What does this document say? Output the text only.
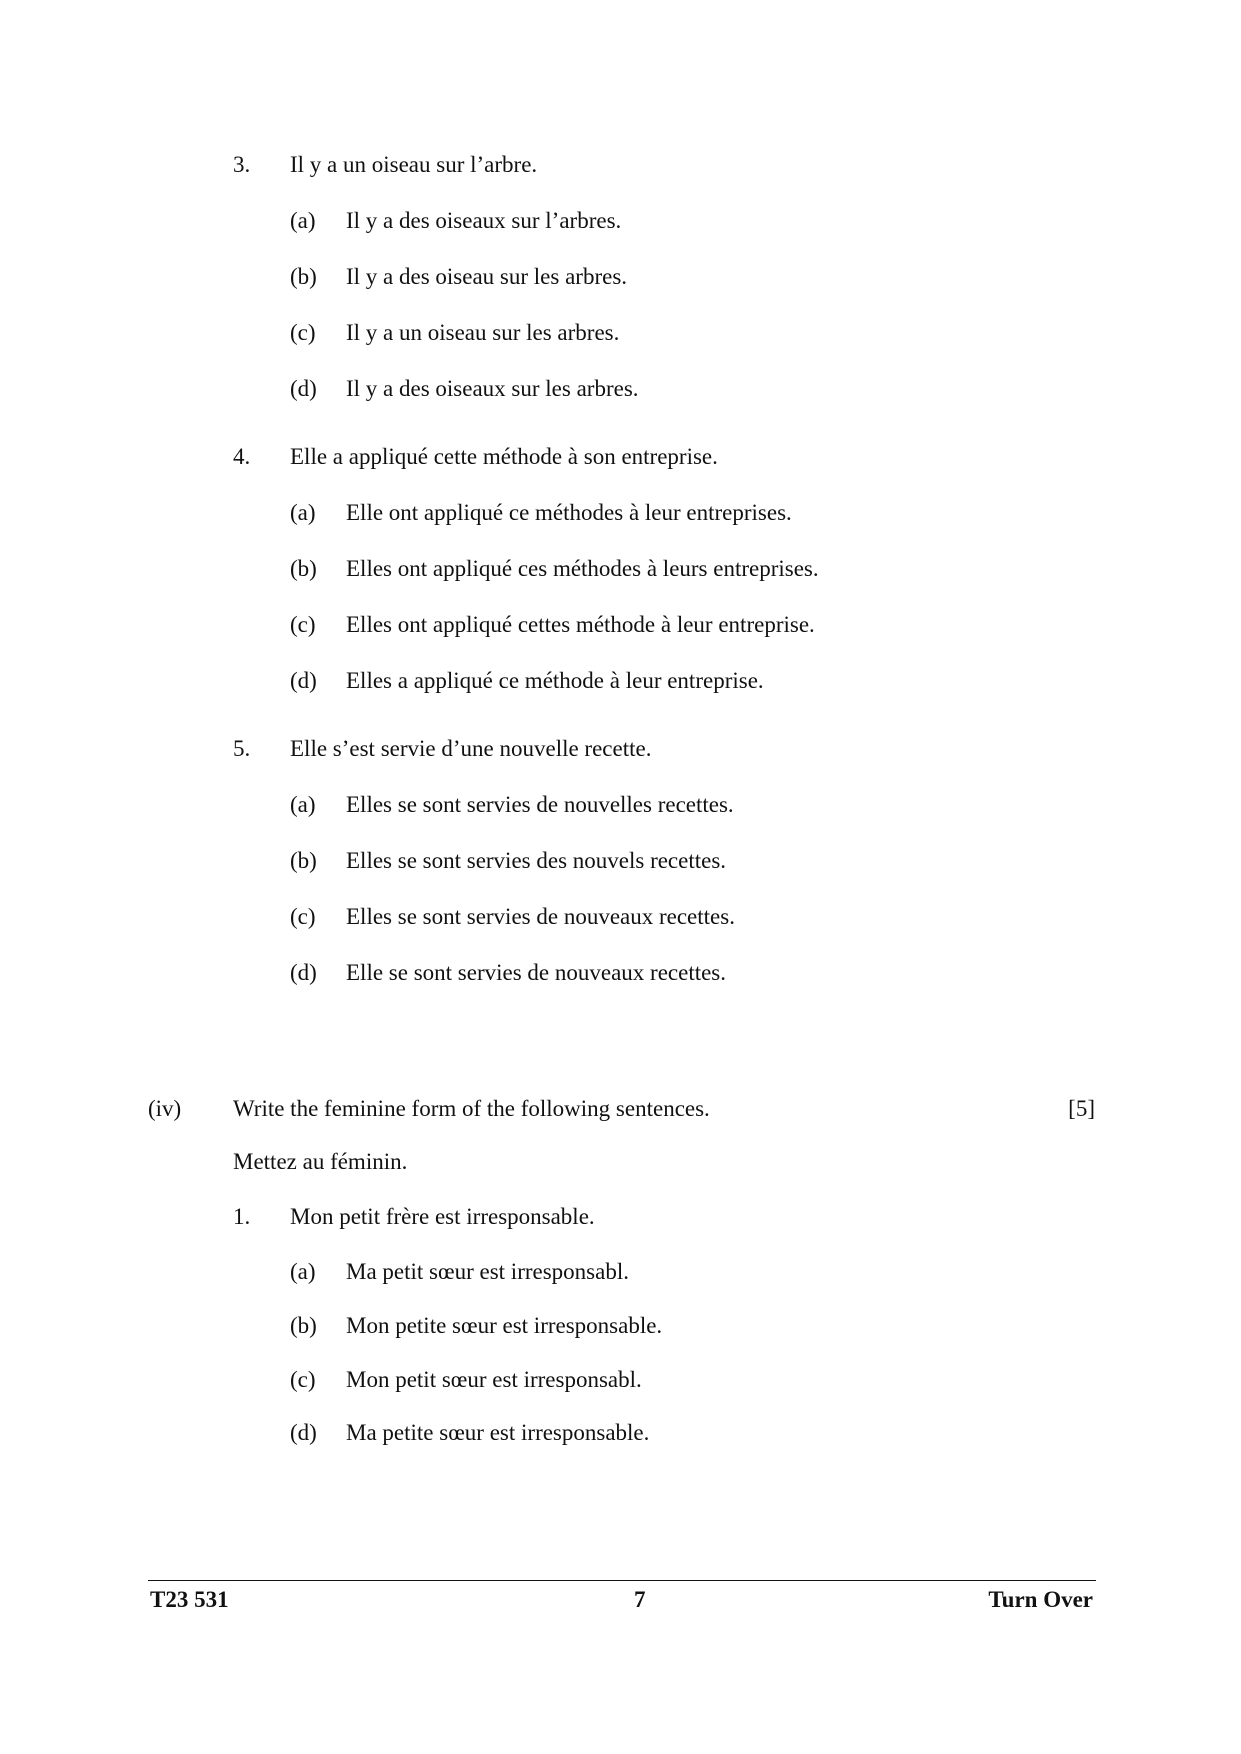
3. Il y a un oiseau sur l’arbre.
(a) Il y a des oiseaux sur l’arbres.
(b) Il y a des oiseau sur les arbres.
(c) Il y a un oiseau sur les arbres.
(d) Il y a des oiseaux sur les arbres.
4. Elle a appliqué cette méthode à son entreprise.
(a) Elle ont appliqué ce méthodes à leur entreprises.
(b) Elles ont appliqué ces méthodes à leurs entreprises.
(c) Elles ont appliqué cettes méthode à leur entreprise.
(d) Elles a appliqué ce méthode à leur entreprise.
5. Elle s’est servie d’une nouvelle recette.
(a) Elles se sont servies de nouvelles recettes.
(b) Elles se sont servies des nouvels recettes.
(c) Elles se sont servies de nouveaux recettes.
(d) Elle se sont servies de nouveaux recettes.
(iv) Write the feminine form of the following sentences.	[5]
Mettez au féminin.
1. Mon petit frère est irresponsable.
(a) Ma petit sœur est irresponsabl.
(b) Mon petite sœur est irresponsable.
(c) Mon petit sœur est irresponsabl.
(d) Ma petite sœur est irresponsable.
T23 531	7	Turn Over
